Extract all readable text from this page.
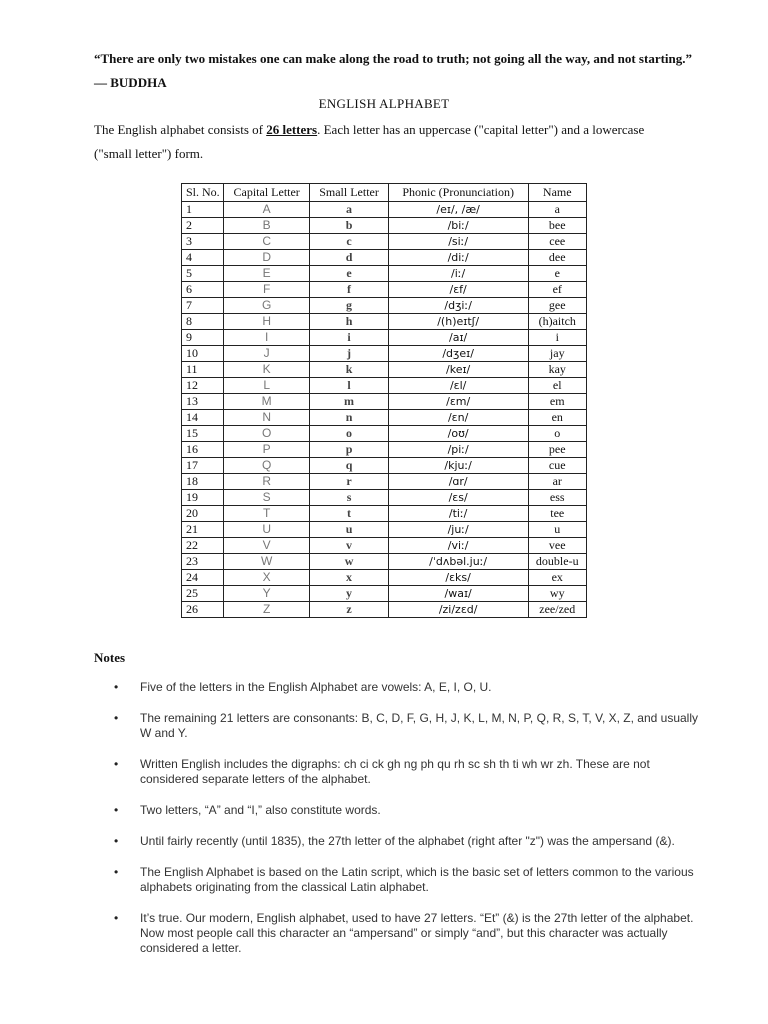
“There are only two mistakes one can make along the road to truth; not going all the way, and not starting.” — BUDDHA

ENGLISH ALPHABET

The English alphabet consists of 26 letters. Each letter has an uppercase ("capital letter") and a lowercase ("small letter") form.

Sl. No.	Capital Letter	Small Letter	Phonic (Pronunciation)	Name
1	A	a	/eɪ/, /æ/	a
2	B	b	/biː/	bee
3	C	c	/siː/	cee
4	D	d	/diː/	dee
5	E	e	/iː/	e
6	F	f	/ɛf/	ef
7	G	g	/dʒiː/	gee
8	H	h	/(h)eɪtʃ/	(h)aitch
9	I	i	/aɪ/	i
10	J	j	/dʒeɪ/	jay
11	K	k	/keɪ/	kay
12	L	l	/ɛl/	el
13	M	m	/ɛm/	em
14	N	n	/ɛn/	en
15	O	o	/oʊ/	o
16	P	p	/piː/	pee
17	Q	q	/kjuː/	cue
18	R	r	/ɑr/	ar
19	S	s	/ɛs/	ess
20	T	t	/tiː/	tee
21	U	u	/juː/	u
22	V	v	/viː/	vee
23	W	w	/ˈdʌbəl.juː/	double-u
24	X	x	/ɛks/	ex
25	Y	y	/waɪ/	wy
26	Z	z	/zi/zɛd/	zee/zed

Notes

• Five of the letters in the English Alphabet are vowels: A, E, I, O, U.
• The remaining 21 letters are consonants: B, C, D, F, G, H, J, K, L, M, N, P, Q, R, S, T, V, X, Z, and usually W and Y.
• Written English includes the digraphs: ch ci ck gh ng ph qu rh sc sh th ti wh wr zh. These are not considered separate letters of the alphabet.
• Two letters, “A” and “I,” also constitute words.
• Until fairly recently (until 1835), the 27th letter of the alphabet (right after "z") was the ampersand (&).
• The English Alphabet is based on the Latin script, which is the basic set of letters common to the various alphabets originating from the classical Latin alphabet.
• It’s true. Our modern, English alphabet, used to have 27 letters. “Et” (&) is the 27th letter of the alphabet. Now most people call this character an “ampersand” or simply “and”, but this character was actually considered a letter.
